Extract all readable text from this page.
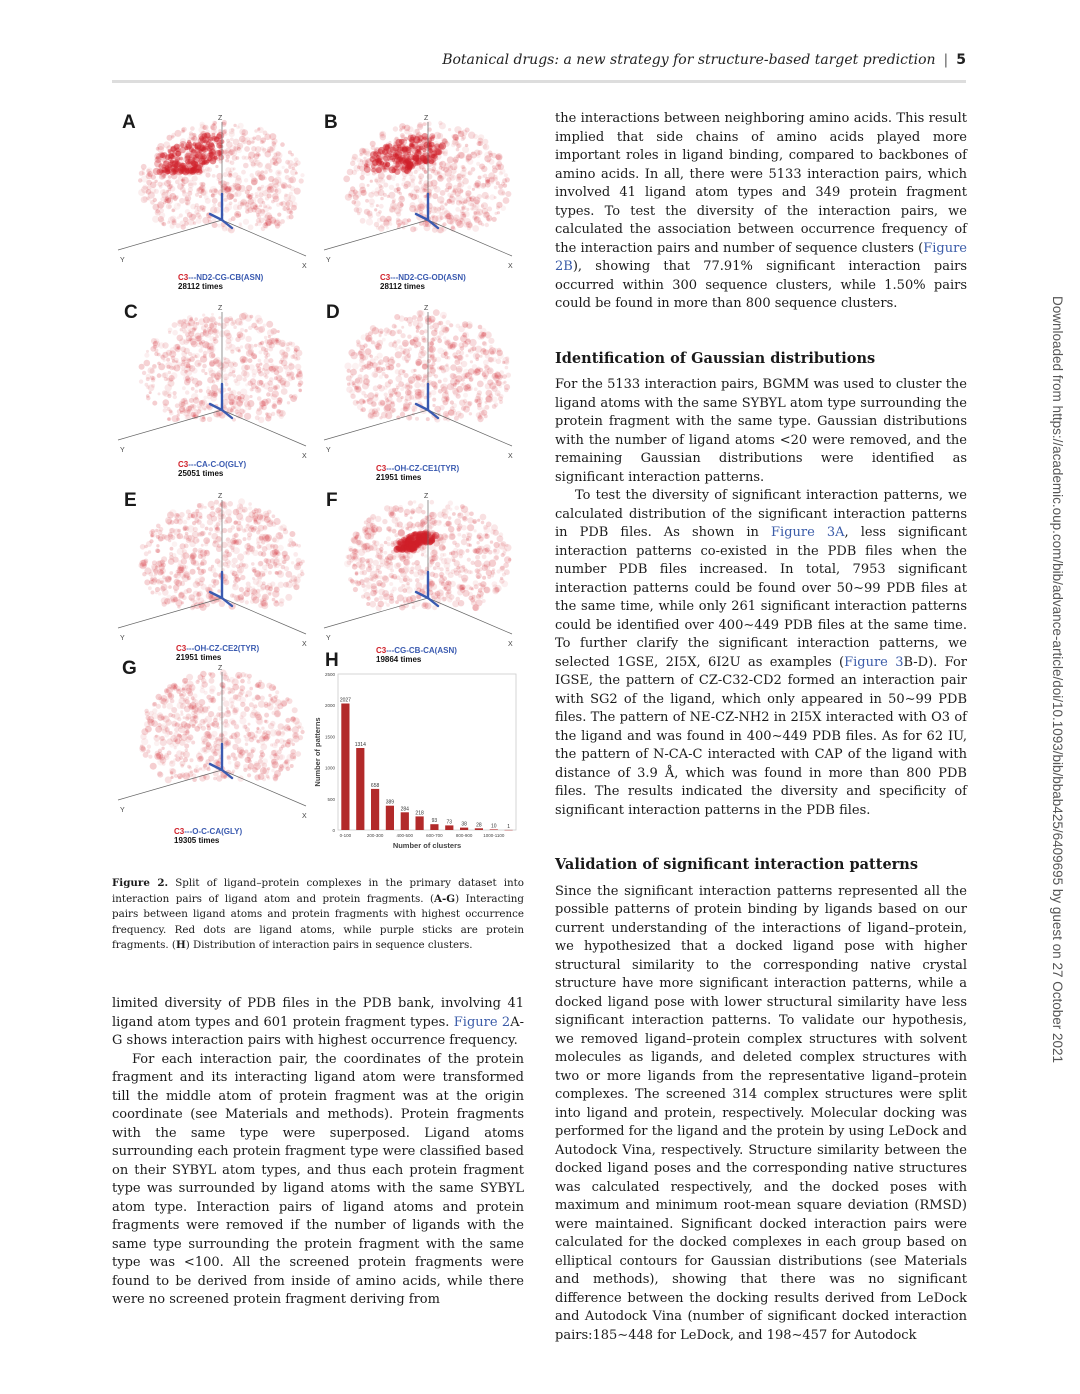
Botanical drugs: a new strategy for structure-based target prediction | 5
A	Z
Y
X
C3---ND2-CG-CB(ASN)
28112 times
B	Z
Y
X
C3---ND2-CG-OD(ASN)
28112 times
C	Z
Y
X
C3---CA-C-O(GLY)
25051 times
D	Z
Y
X
C3---OH-CZ-CE1(TYR)
21951 times
E	Z
Y
X
C3---OH-CZ-CE2(TYR)
21951 times
F	Z
Y
X
C3---CG-CB-CA(ASN)
19864 times
G	Z
Y
X
C3---O-C-CA(GLY)
19305 times
H
0
500
1000
1500
2000
2500
2027
1314
658
389
284
218
93 73 38 28 10 1
0-100	200-300	400-500	600-700	800-900 1000-1100
Number of clusters
Number of patterns
Figure 2. Split of ligand–protein complexes in the primary dataset into interaction pairs of ligand atom and protein fragments. (A-G) Interacting pairs between ligand atoms and protein fragments with highest occurrence frequency. Red dots are ligand atoms, while purple sticks are protein fragments. (H) Distribution of interaction pairs in sequence clusters.

limited diversity of PDB files in the PDB bank, involving 41 ligand atom types and 601 protein fragment types. Figure 2A-G shows interaction pairs with highest occurrence frequency.

For each interaction pair, the coordinates of the protein fragment and its interacting ligand atom were transformed till the middle atom of protein fragment was at the origin coordinate (see Materials and methods). Protein fragments with the same type were superposed. Ligand atoms surrounding each protein fragment type were classified based on their SYBYL atom types, and thus each protein fragment type was surrounded by ligand atoms with the same SYBYL atom type. Interaction pairs of ligand atoms and protein fragments were removed if the number of ligands with the same type surrounding the protein fragment with the same type was <100. All the screened protein fragments were found to be derived from inside of amino acids, while there were no screened protein fragment deriving from

the interactions between neighboring amino acids. This result implied that side chains of amino acids played more important roles in ligand binding, compared to backbones of amino acids. In all, there were 5133 interaction pairs, which involved 41 ligand atom types and 349 protein fragment types. To test the diversity of the interaction pairs, we calculated the association between occurrence frequency of the interaction pairs and number of sequence clusters (Figure 2B), showing that 77.91% significant interaction pairs occurred within 300 sequence clusters, while 1.50% pairs could be found in more than 800 sequence clusters.

Identification of Gaussian distributions

For the 5133 interaction pairs, BGMM was used to cluster the ligand atoms with the same SYBYL atom type surrounding the protein fragment with the same type. Gaussian distributions with the number of ligand atoms <20 were removed, and the remaining Gaussian distributions were identified as significant interaction patterns.

To test the diversity of significant interaction patterns, we calculated distribution of the significant interaction patterns in PDB files. As shown in Figure 3A, less significant interaction patterns co-existed in the PDB files when the number PDB files increased. In total, 7953 significant interaction patterns could be found over 50∼99 PDB files at the same time, while only 261 significant interaction patterns could be identified over 400∼449 PDB files at the same time. To further clarify the significant interaction patterns, we selected 1GSE, 2I5X, 6I2U as examples (Figure 3B-D). For IGSE, the pattern of CZ-C32-CD2 formed an interaction pair with SG2 of the ligand, which only appeared in 50∼99 PDB files. The pattern of NE-CZ-NH2 in 2I5X interacted with O3 of the ligand and was found in 400∼449 PDB files. As for 62 IU, the pattern of N-CA-C interacted with CAP of the ligand with distance of 3.9 Å, which was found in more than 800 PDB files. The results indicated the diversity and specificity of significant interaction patterns in the PDB files.

Validation of significant interaction patterns

Since the significant interaction patterns represented all the possible patterns of protein binding by ligands based on our current understanding of the interactions of ligand–protein, we hypothesized that a docked ligand pose with higher structural similarity to the corresponding native crystal structure have more significant interaction patterns, while a docked ligand pose with lower structural similarity have less significant interaction patterns. To validate our hypothesis, we removed ligand–protein complex structures with solvent molecules as ligands, and deleted complex structures with two or more ligands from the representative ligand–protein complexes. The screened 314 complex structures were split into ligand and protein, respectively. Molecular docking was performed for the ligand and the protein by using LeDock and Autodock Vina, respectively. Structure similarity between the docked ligand poses and the corresponding native structures was calculated respectively, and the docked poses with maximum and minimum root-mean square deviation (RMSD) were maintained. Significant docked interaction pairs were calculated for the docked complexes in each group based on elliptical contours for Gaussian distributions (see Materials and methods), showing that there was no significant difference between the docking results derived from LeDock and Autodock Vina (number of significant docked interaction pairs:185∼448 for LeDock, and 198∼457 for Autodock

Downloaded from https://academic.oup.com/bib/advance-article/doi/10.1093/bib/bbab425/6409695 by guest on 27 October 2021
